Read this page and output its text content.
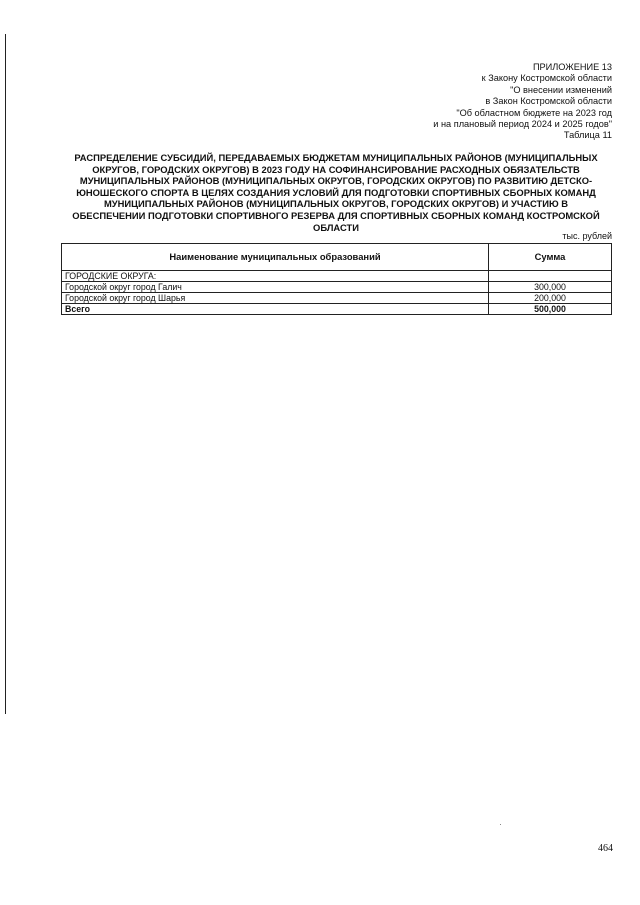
ПРИЛОЖЕНИЕ 13
к Закону Костромской области
"О внесении изменений
в Закон Костромской области
"Об областном бюджете на 2023 год
и на плановый период 2024 и 2025 годов"
Таблица 11
РАСПРЕДЕЛЕНИЕ СУБСИДИЙ, ПЕРЕДАВАЕМЫХ БЮДЖЕТАМ МУНИЦИПАЛЬНЫХ РАЙОНОВ (МУНИЦИПАЛЬНЫХ
ОКРУГОВ, ГОРОДСКИХ ОКРУГОВ) В 2023 ГОДУ НА СОФИНАНСИРОВАНИЕ РАСХОДНЫХ ОБЯЗАТЕЛЬСТВ
МУНИЦИПАЛЬНЫХ РАЙОНОВ (МУНИЦИПАЛЬНЫХ ОКРУГОВ, ГОРОДСКИХ ОКРУГОВ) ПО РАЗВИТИЮ ДЕТСКО-
ЮНОШЕСКОГО СПОРТА В ЦЕЛЯХ СОЗДАНИЯ УСЛОВИЙ ДЛЯ ПОДГОТОВКИ СПОРТИВНЫХ СБОРНЫХ КОМАНД
МУНИЦИПАЛЬНЫХ РАЙОНОВ (МУНИЦИПАЛЬНЫХ ОКРУГОВ, ГОРОДСКИХ ОКРУГОВ) И УЧАСТИЮ В
ОБЕСПЕЧЕНИИ ПОДГОТОВКИ СПОРТИВНОГО РЕЗЕРВА ДЛЯ СПОРТИВНЫХ СБОРНЫХ КОМАНД КОСТРОМСКОЙ
ОБЛАСТИ
тыс. рублей
Наименование муниципальных образований	Сумма
ГОРОДСКИЕ ОКРУГА:	
Городской округ город Галич	300,000
Городской округ город Шарья	200,000
Всего	500,000
464
